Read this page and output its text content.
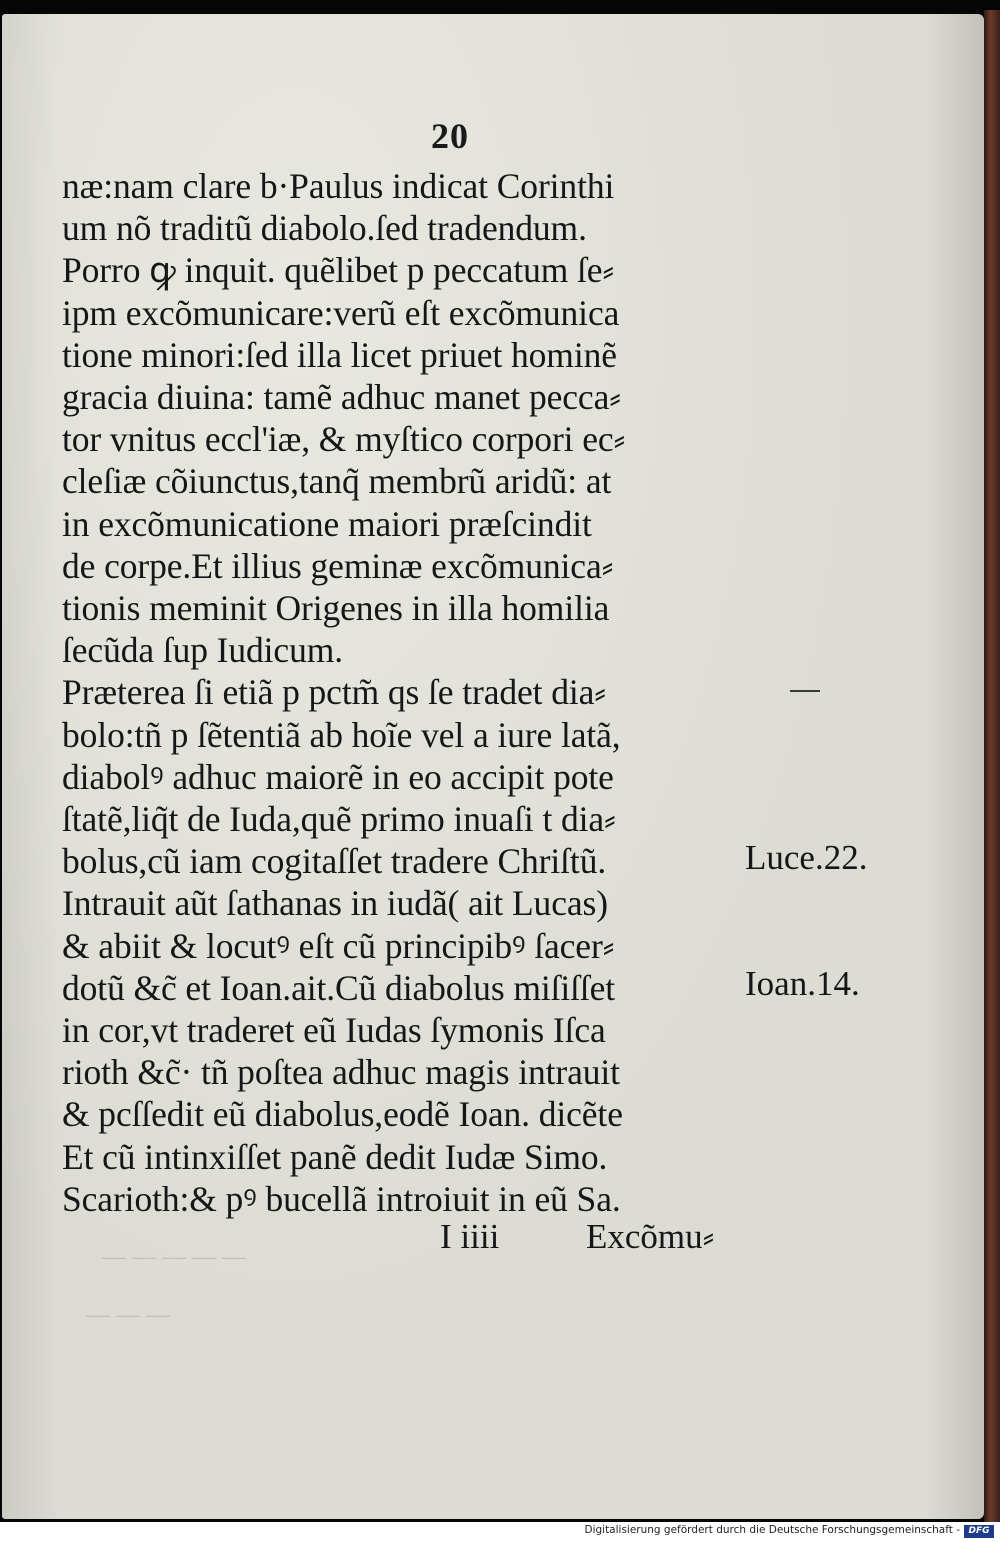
— — — — —
— — —
20
næ:nam clare b·Paulus indicat Corinthi
um nõ traditũ diabolo.ſed tradendum.
Porro ꝙ inquit. quẽlibet p peccatum ſe⸗
ipm excõmunicare:verũ eſt excõmunica
tione minori:ſed illa licet priuet hominẽ
gracia diuina: tamẽ adhuc manet pecca⸗
tor vnitus eccl'iæ, & myſtico corpori ec⸗
cleſiæ cõiunctus,tanq̃ membrũ aridũ: at
in excõmunicatione maiori præſcindit
de corpe.Et illius geminæ excõmunica⸗
tionis meminit Origenes in illa homilia
ſecũda ſup Iudicum.
Præterea ſi etiã p pctm̃ qs ſe tradet dia⸗
bolo:tñ p ſẽtentiã ab hoĩe vel a iure latã,
diabolꝰ adhuc maiorẽ in eo accipit pote
ſtatẽ,liq̃t de Iuda,quẽ primo inuaſi t dia⸗
bolus,cũ iam cogitaſſet tradere Chriſtũ.
Intrauit aũt ſathanas in iudã( ait Lucas)
& abiit & locutꝰ eſt cũ principibꝰ ſacer⸗
dotũ &c̃ et Ioan.ait.Cũ diabolus miſiſſet
in cor,vt traderet eũ Iudas ſymonis Iſca
rioth &c̃· tñ poſtea adhuc magis intrauit
& pcſſedit eũ diabolus,eodẽ Ioan. dicẽte
Et cũ intinxiſſet panẽ dedit Iudæ Simo.
Scarioth:& pꝰ bucellã introiuit in eũ Sa.
Luce.22.
Ioan.14.
I iiii Excõmu⸗
Digitalisierung gefördert durch die Deutsche Forschungsgemeinschaft - DFG
